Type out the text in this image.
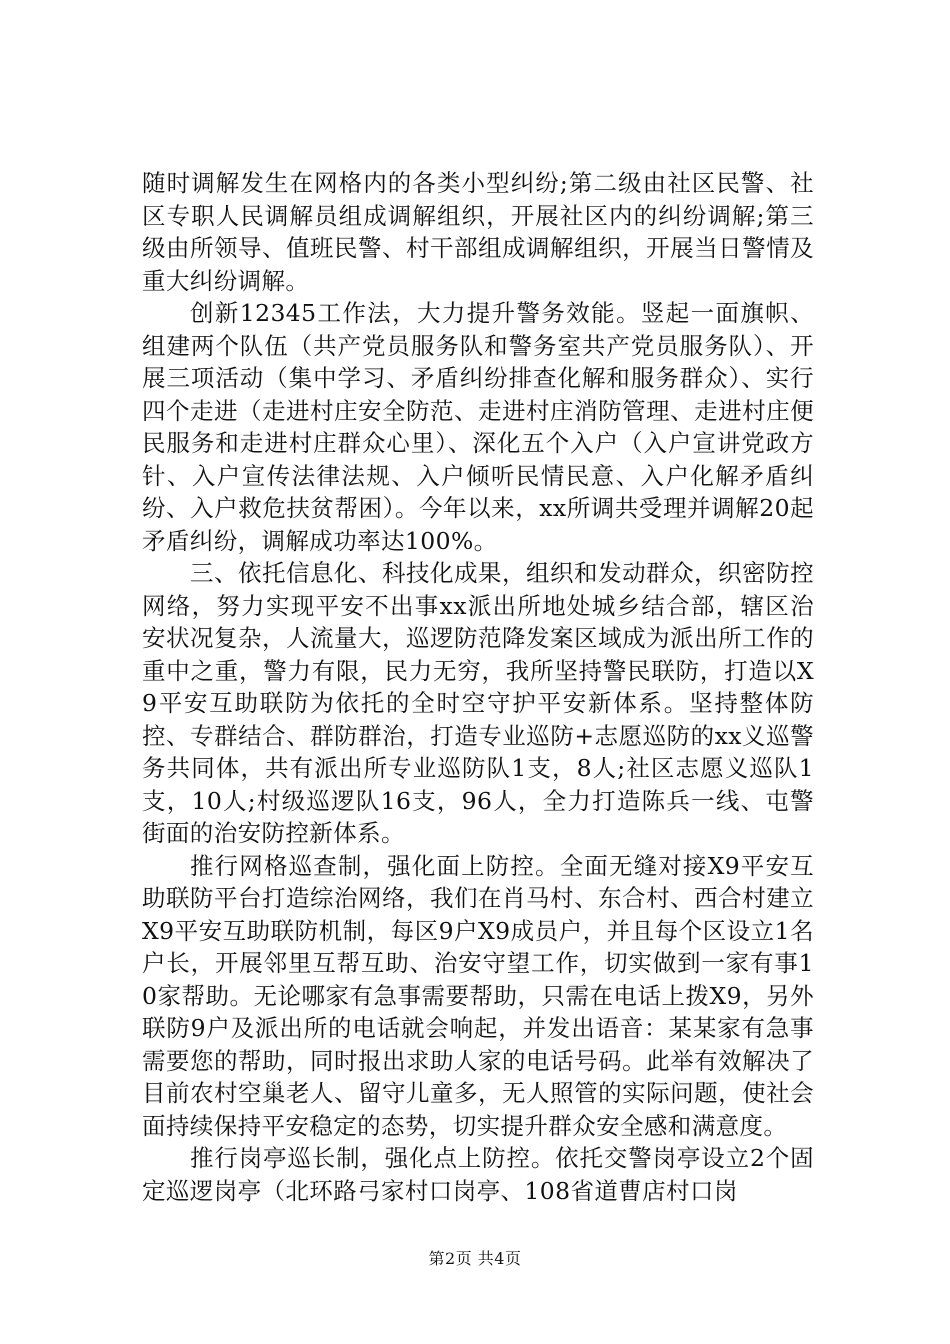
随时调解发生在网格内的各类小型纠纷;第二级由社区民警、社区专职人民调解员组成调解组织，开展社区内的纠纷调解;第三级由所领导、值班民警、村干部组成调解组织，开展当日警情及重大纠纷调解。

创新12345工作法，大力提升警务效能。竖起一面旗帜、组建两个队伍（共产党员服务队和警务室共产党员服务队）、开展三项活动（集中学习、矛盾纠纷排查化解和服务群众）、实行四个走进（走进村庄安全防范、走进村庄消防管理、走进村庄便民服务和走进村庄群众心里）、深化五个入户（入户宣讲党政方针、入户宣传法律法规、入户倾听民情民意、入户化解矛盾纠纷、入户救危扶贫帮困）。今年以来，xx所调共受理并调解20起矛盾纠纷，调解成功率达100%。

三、依托信息化、科技化成果，组织和发动群众，织密防控网络，努力实现平安不出事xx派出所地处城乡结合部，辖区治安状况复杂，人流量大，巡逻防范降发案区域成为派出所工作的重中之重，警力有限，民力无穷，我所坚持警民联防，打造以X9平安互助联防为依托的全时空守护平安新体系。坚持整体防控、专群结合、群防群治，打造专业巡防+志愿巡防的xx义巡警务共同体，共有派出所专业巡防队1支，8人;社区志愿义巡队1支，10人;村级巡逻队16支，96人，全力打造陈兵一线、屯警街面的治安防控新体系。

推行网格巡查制，强化面上防控。全面无缝对接X9平安互助联防平台打造综治网络，我们在肖马村、东合村、西合村建立X9平安互助联防机制，每区9户X9成员户，并且每个区设立1名户长，开展邻里互帮互助、治安守望工作，切实做到一家有事10家帮助。无论哪家有急事需要帮助，只需在电话上拨X9，另外联防9户及派出所的电话就会响起，并发出语音：某某家有急事需要您的帮助，同时报出求助人家的电话号码。此举有效解决了目前农村空巢老人、留守儿童多，无人照管的实际问题，使社会面持续保持平安稳定的态势，切实提升群众安全感和满意度。

推行岗亭巡长制，强化点上防控。依托交警岗亭设立2个固定巡逻岗亭（北环路弓家村口岗亭、108省道曹店村口岗

第2页 共4页
